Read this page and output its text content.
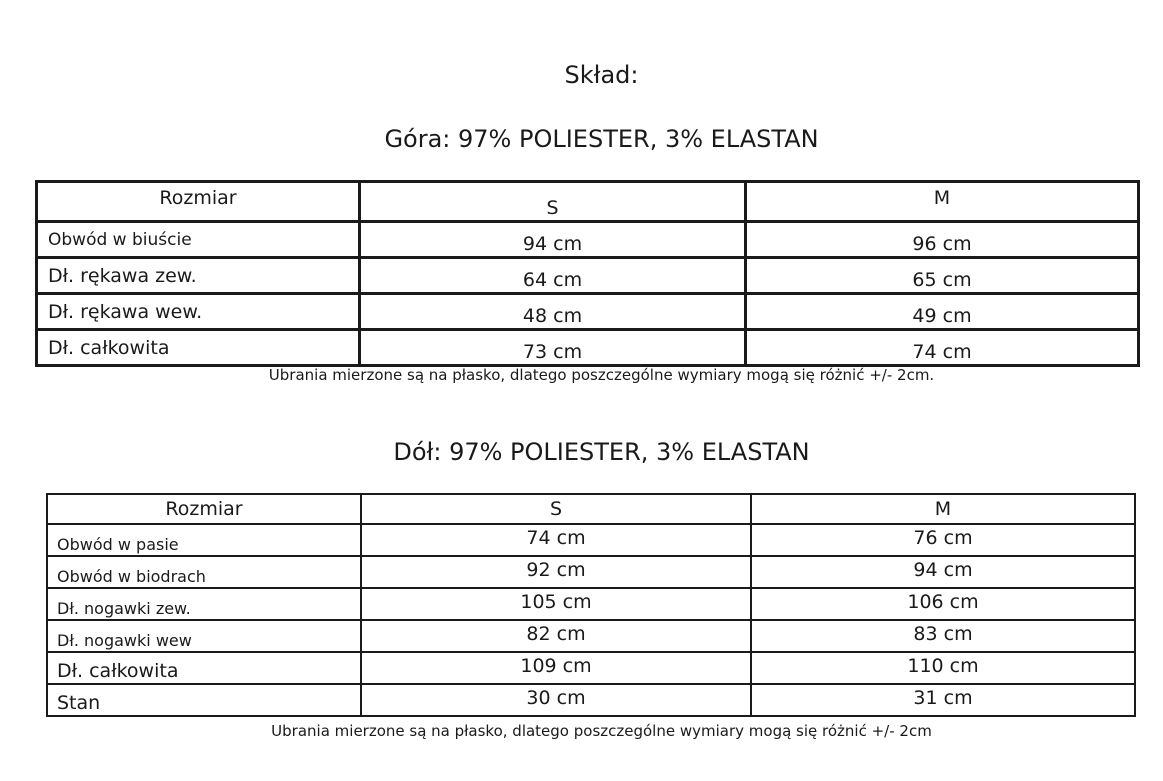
Skład:
Góra: 97% POLIESTER, 3% ELASTAN
Rozmiar	S	M
Obwód w biuście	94 cm	96 cm
Dł. rękawa zew.	64 cm	65 cm
Dł. rękawa wew.	48 cm	49 cm
Dł. całkowita	73 cm	74 cm
Ubrania mierzone są na płasko, dlatego poszczególne wymiary mogą się różnić +/- 2cm.
Dół: 97% POLIESTER, 3% ELASTAN
Rozmiar	S	M
Obwód w pasie	74 cm	76 cm
Obwód w biodrach	92 cm	94 cm
Dł. nogawki zew.	105 cm	106 cm
Dł. nogawki wew	82 cm	83 cm
Dł. całkowita	109 cm	110 cm
Stan	30 cm	31 cm
Ubrania mierzone są na płasko, dlatego poszczególne wymiary mogą się różnić +/- 2cm
